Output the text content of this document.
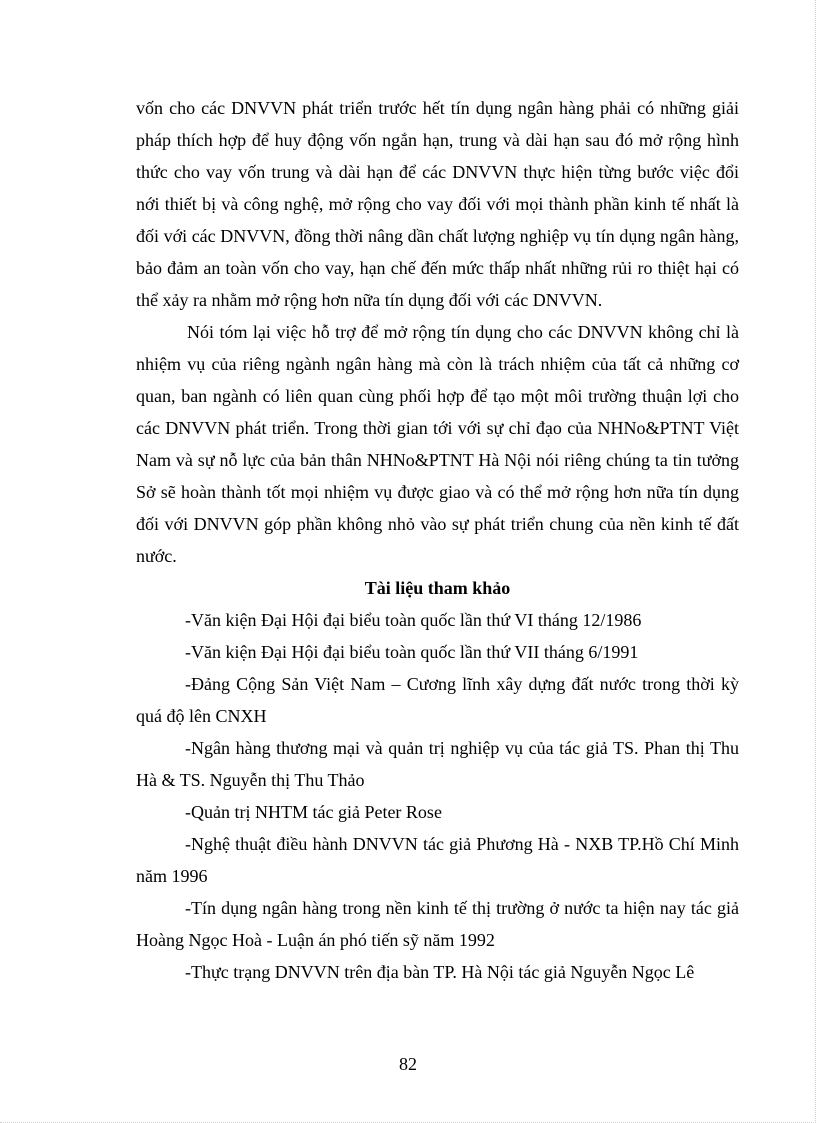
vốn cho các DNVVN phát triển trước hết tín dụng ngân hàng phải có những giải pháp thích hợp để huy động vốn ngắn hạn, trung và dài hạn sau đó mở rộng hình thức cho vay vốn trung và dài hạn để các DNVVN thực hiện từng bước việc đổi nới thiết bị và công nghệ, mở rộng cho vay đối với mọi thành phần kinh tế nhất là đối với các DNVVN, đồng thời nâng dần chất lượng nghiệp vụ tín dụng ngân hàng, bảo đảm an toàn vốn cho vay, hạn chế đến mức thấp nhất những rủi ro thiệt hại có thể xảy ra nhằm mở rộng hơn nữa tín dụng đối với các DNVVN.

Nói tóm lại việc hỗ trợ để mở rộng tín dụng cho các DNVVN không chỉ là nhiệm vụ của riêng ngành ngân hàng mà còn là trách nhiệm của tất cả những cơ quan, ban ngành có liên quan cùng phối hợp để tạo một môi trường thuận lợi cho các DNVVN phát triển. Trong thời gian tới với sự chỉ đạo của NHNo&PTNT Việt Nam và sự nỗ lực của bản thân NHNo&PTNT Hà Nội nói riêng chúng ta tin tưởng Sở sẽ hoàn thành tốt mọi nhiệm vụ được giao và có thể mở rộng hơn nữa tín dụng đối với DNVVN góp phần không nhỏ vào sự phát triển chung của nền kinh tế đất nước.

Tài liệu tham khảo

-Văn kiện Đại Hội đại biểu toàn quốc lần thứ VI tháng 12/1986

-Văn kiện Đại Hội đại biểu toàn quốc lần thứ VII tháng 6/1991

-Đảng Cộng Sản Việt Nam – Cương lĩnh xây dựng đất nước trong thời kỳ quá độ lên CNXH

-Ngân hàng thương mại và quản trị nghiệp vụ của tác giả TS. Phan thị Thu Hà & TS. Nguyễn thị Thu Thảo

-Quản trị NHTM tác giả Peter Rose

-Nghệ thuật điều hành DNVVN tác giả Phương Hà - NXB TP.Hồ Chí Minh năm 1996

-Tín dụng ngân hàng trong nền kinh tế thị trường ở nước ta hiện nay tác giả Hoàng Ngọc Hoà - Luận án phó tiến sỹ năm 1992

-Thực trạng DNVVN trên địa bàn TP. Hà Nội tác giả Nguyễn Ngọc Lê

82
